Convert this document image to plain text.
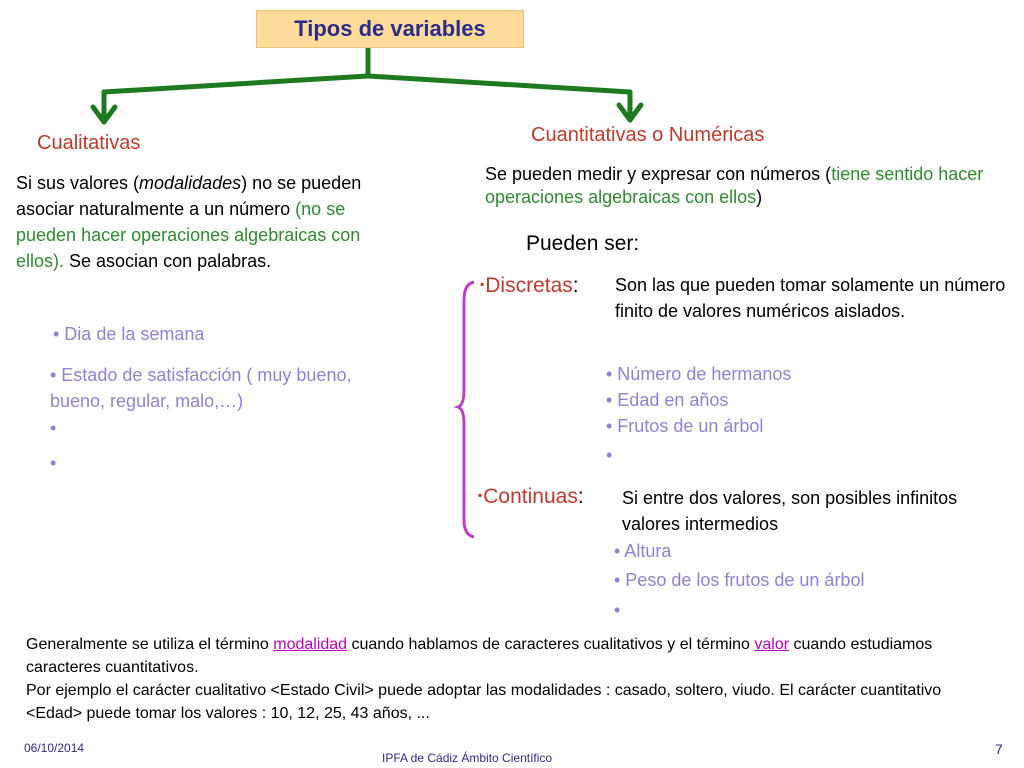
Tipos de variables
Cualitativas
Si sus valores (modalidades) no se pueden asociar naturalmente a un número (no se pueden hacer operaciones algebraicas con ellos). Se asocian con palabras.
• Dia de la semana
• Estado de satisfacción ( muy bueno, bueno, regular, malo,…)
•
•
Cuantitativas o Numéricas
Se pueden medir y expresar con números (tiene sentido hacer operaciones algebraicas con ellos)
Pueden ser:
▪Discretas: Son las que pueden tomar solamente un número finito de valores numéricos aislados.
• Número de hermanos
• Edad en años
• Frutos de un árbol
•
▪Continuas: Si entre dos valores, son posibles infinitos valores intermedios
• Altura
• Peso de los frutos de un árbol
•
Generalmente se utiliza el término modalidad cuando hablamos de caracteres cualitativos y el término valor cuando estudiamos caracteres cuantitativos.
Por ejemplo el carácter cualitativo <Estado Civil> puede adoptar las modalidades : casado, soltero, viudo. El carácter cuantitativo <Edad> puede tomar los valores : 10, 12, 25, 43 años, ...
06/10/2014
IPFA de Cádiz Ámbito Científico
7
